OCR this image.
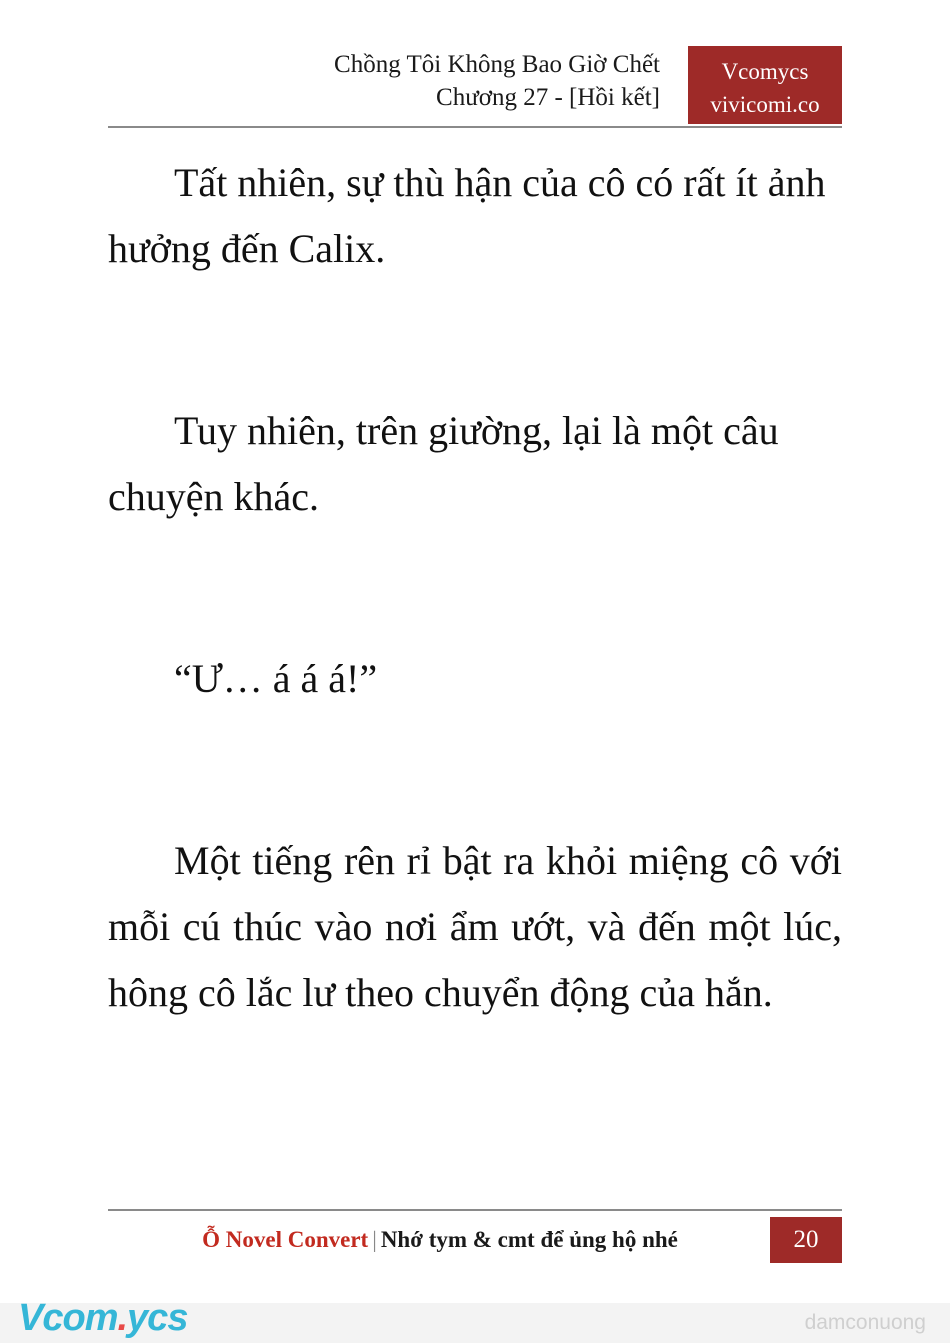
Chồng Tôi Không Bao Giờ Chết
Chương 27 - [Hồi kết]
Vcomycs
vivicomi.co

Tất nhiên, sự thù hận của cô có rất ít ảnh hưởng đến Calix.

Tuy nhiên, trên giường, lại là một câu chuyện khác.

“Ư… á á á!”

Một tiếng rên rỉ bật ra khỏi miệng cô với mỗi cú thúc vào nơi ẩm ướt, và đến một lúc, hông cô lắc lư theo chuyển động của hắn.

Ỗ Novel Convert | Nhớ tym & cmt để ủng hộ nhé	20
Vcom.ycs	damconuong
